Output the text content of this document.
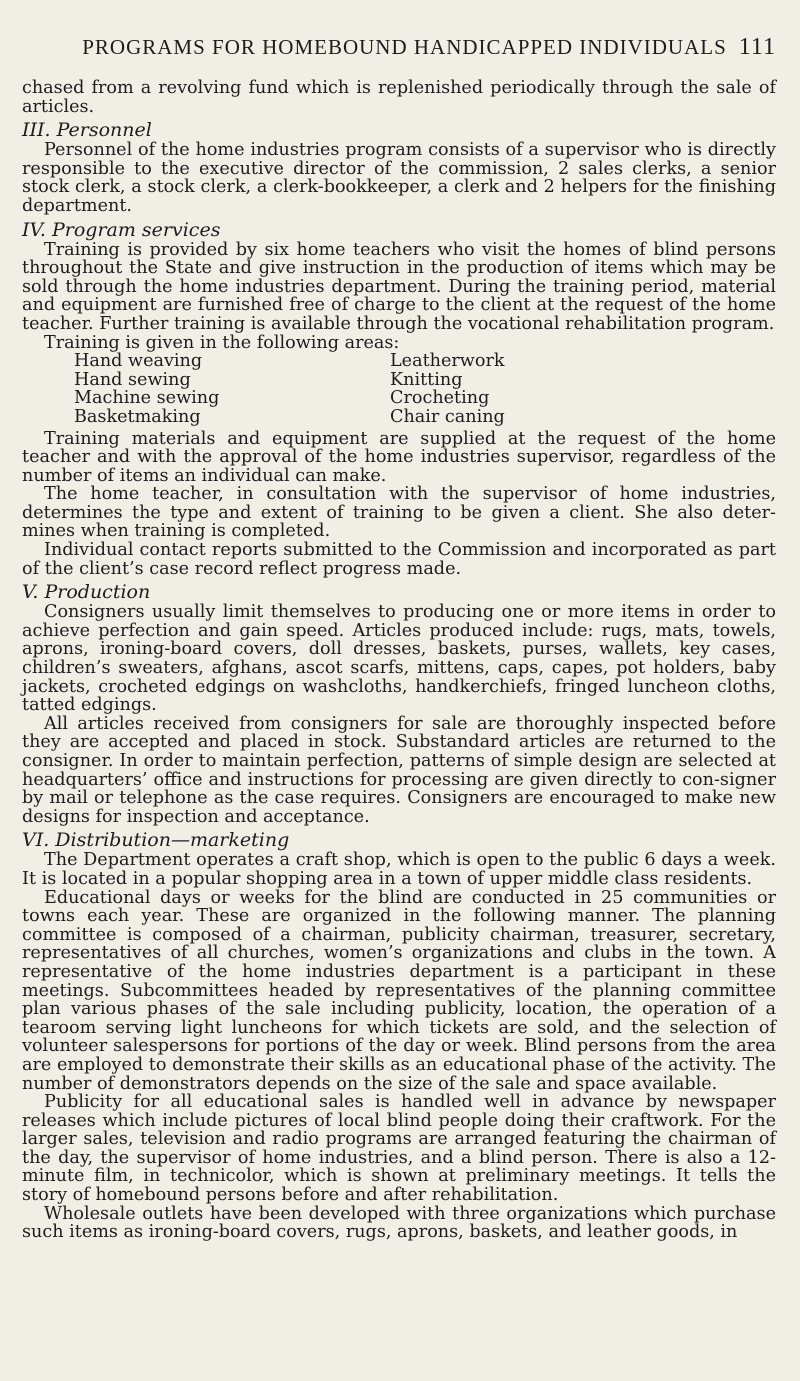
PROGRAMS FOR HOMEBOUND HANDICAPPED INDIVIDUALS 111

chased from a revolving fund which is replenished periodically through the sale of articles.

III. Personnel

Personnel of the home industries program consists of a supervisor who is directly responsible to the executive director of the commission, 2 sales clerks, a senior stock clerk, a stock clerk, a clerk-bookkeeper, a clerk and 2 helpers for the finishing department.

IV. Program services

Training is provided by six home teachers who visit the homes of blind persons throughout the State and give instruction in the production of items which may be sold through the home industries department. During the training period, material and equipment are furnished free of charge to the client at the request of the home teacher. Further training is available through the vocational rehabilitation program.

Training is given in the following areas:

Hand weaving	Leatherwork
Hand sewing	Knitting
Machine sewing	Crocheting
Basketmaking	Chair caning

Training materials and equipment are supplied at the request of the home teacher and with the approval of the home industries supervisor, regardless of the number of items an individual can make.

The home teacher, in consultation with the supervisor of home industries, determines the type and extent of training to be given a client. She also deter-mines when training is completed.

Individual contact reports submitted to the Commission and incorporated as part of the client’s case record reflect progress made.

V. Production

Consigners usually limit themselves to producing one or more items in order to achieve perfection and gain speed. Articles produced include: rugs, mats, towels, aprons, ironing-board covers, doll dresses, baskets, purses, wallets, key cases, children’s sweaters, afghans, ascot scarfs, mittens, caps, capes, pot holders, baby jackets, crocheted edgings on washcloths, handkerchiefs, fringed luncheon cloths, tatted edgings.

All articles received from consigners for sale are thoroughly inspected before they are accepted and placed in stock. Substandard articles are returned to the consigner. In order to maintain perfection, patterns of simple design are selected at headquarters’ office and instructions for processing are given directly to con-signer by mail or telephone as the case requires. Consigners are encouraged to make new designs for inspection and acceptance.

VI. Distribution—marketing

The Department operates a craft shop, which is open to the public 6 days a week. It is located in a popular shopping area in a town of upper middle class residents.

Educational days or weeks for the blind are conducted in 25 communities or towns each year. These are organized in the following manner. The planning committee is composed of a chairman, publicity chairman, treasurer, secretary, representatives of all churches, women’s organizations and clubs in the town. A representative of the home industries department is a participant in these meetings. Subcommittees headed by representatives of the planning committee plan various phases of the sale including publicity, location, the operation of a tearoom serving light luncheons for which tickets are sold, and the selection of volunteer salespersons for portions of the day or week. Blind persons from the area are employed to demonstrate their skills as an educational phase of the activity. The number of demonstrators depends on the size of the sale and space available.

Publicity for all educational sales is handled well in advance by newspaper releases which include pictures of local blind people doing their craftwork. For the larger sales, television and radio programs are arranged featuring the chairman of the day, the supervisor of home industries, and a blind person. There is also a 12-minute film, in technicolor, which is shown at preliminary meetings. It tells the story of homebound persons before and after rehabilitation.

Wholesale outlets have been developed with three organizations which purchase such items as ironing-board covers, rugs, aprons, baskets, and leather goods, in
